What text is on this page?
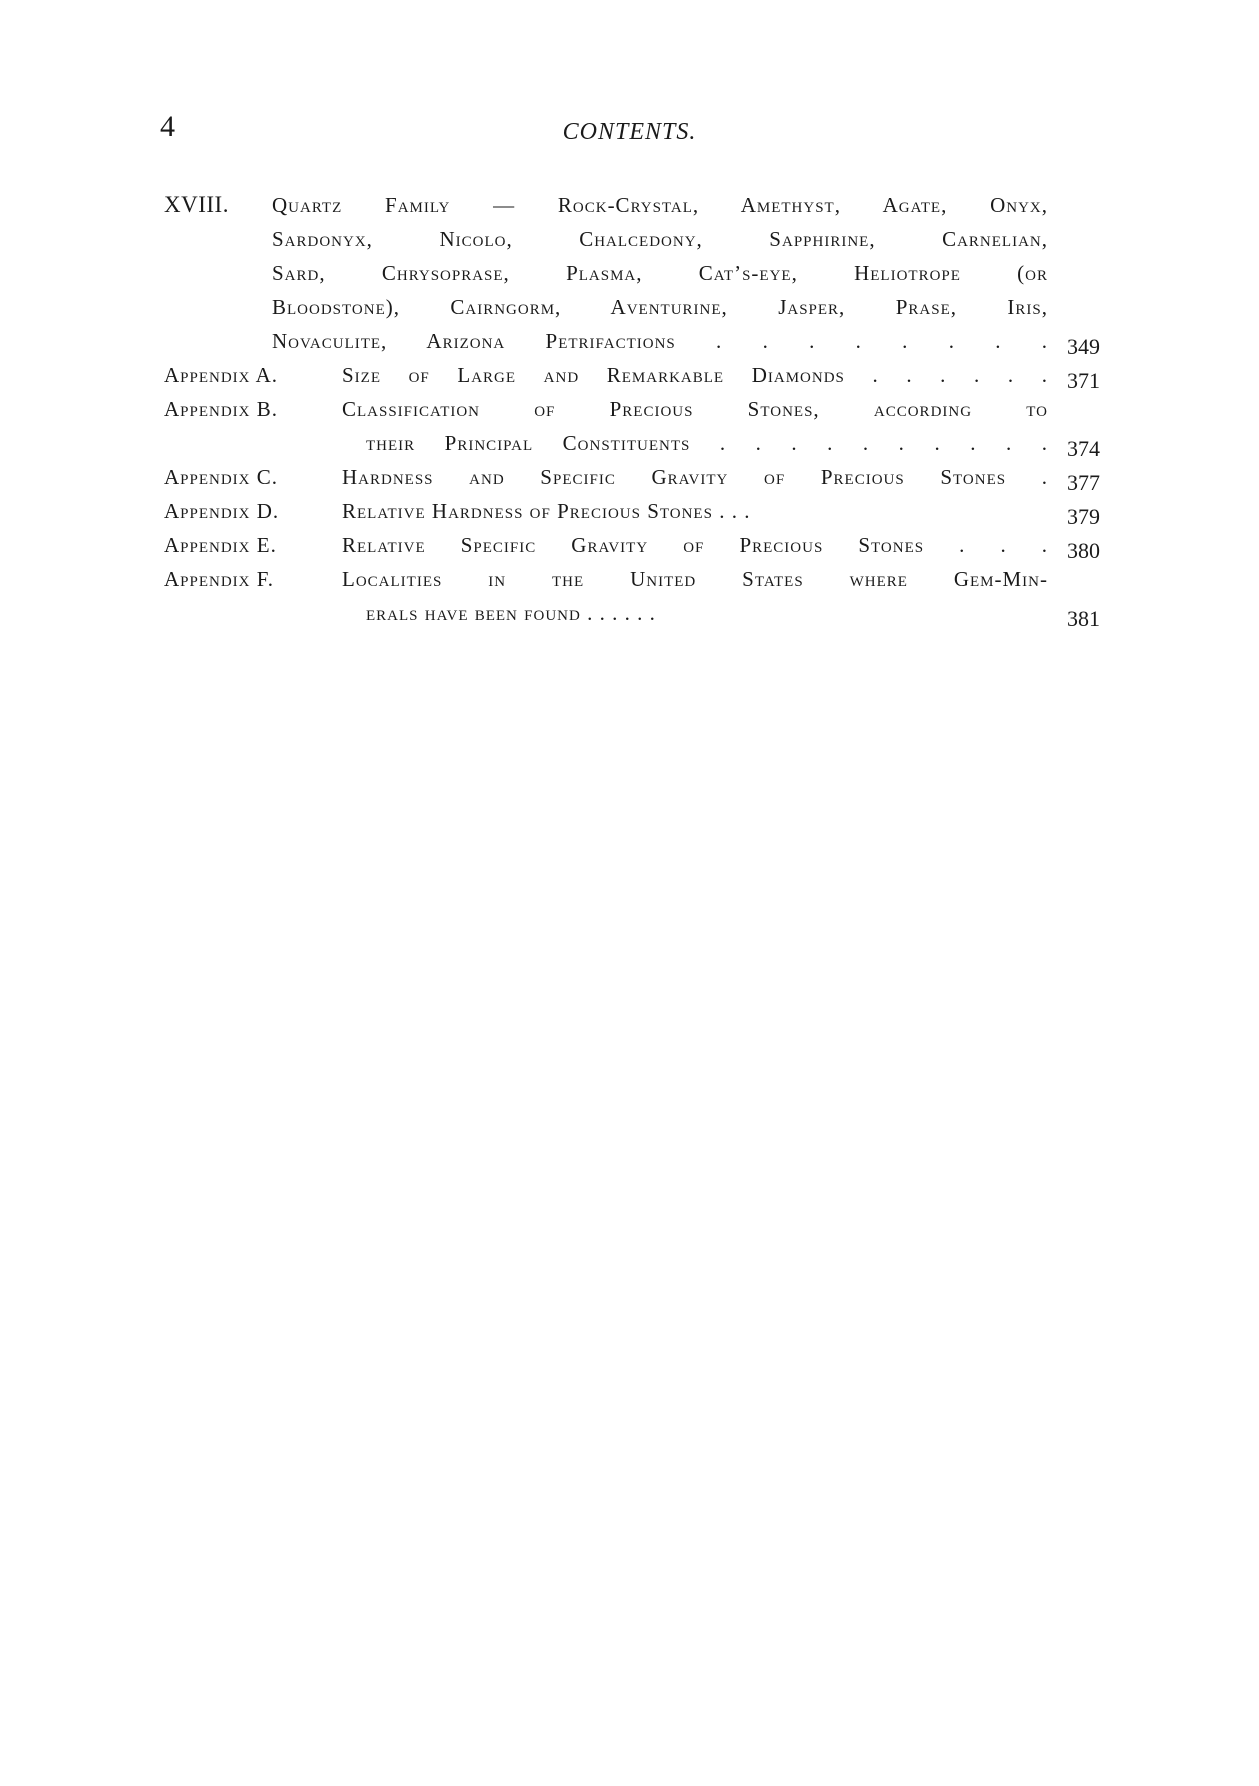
4	CONTENTS.
XVIII. Quartz Family — Rock-Crystal, Amethyst, Agate, Onyx,
Sardonyx, Nicolo, Chalcedony, Sapphirine, Carnelian,
Sard, Chrysoprase, Plasma, Cat’s-eye, Heliotrope (or
Bloodstone), Cairngorm, Aventurine, Jasper, Prase, Iris,
Novaculite, Arizona Petrifactions . . . . . . . . 349
Appendix A.	Size of Large and Remarkable Diamonds . . . . . . 371
Appendix B.	Classification of Precious Stones, according to
their Principal Constituents . . . . . . . . . . 374
Appendix C.	Hardness and Specific Gravity of Precious Stones . 377
Appendix D.	Relative Hardness of Precious Stones . . .	379
Appendix E.	Relative Specific Gravity of Precious Stones . . . 380
Appendix F.	Localities in the United States where Gem-Min-
erals have been found . . . . . .	381
